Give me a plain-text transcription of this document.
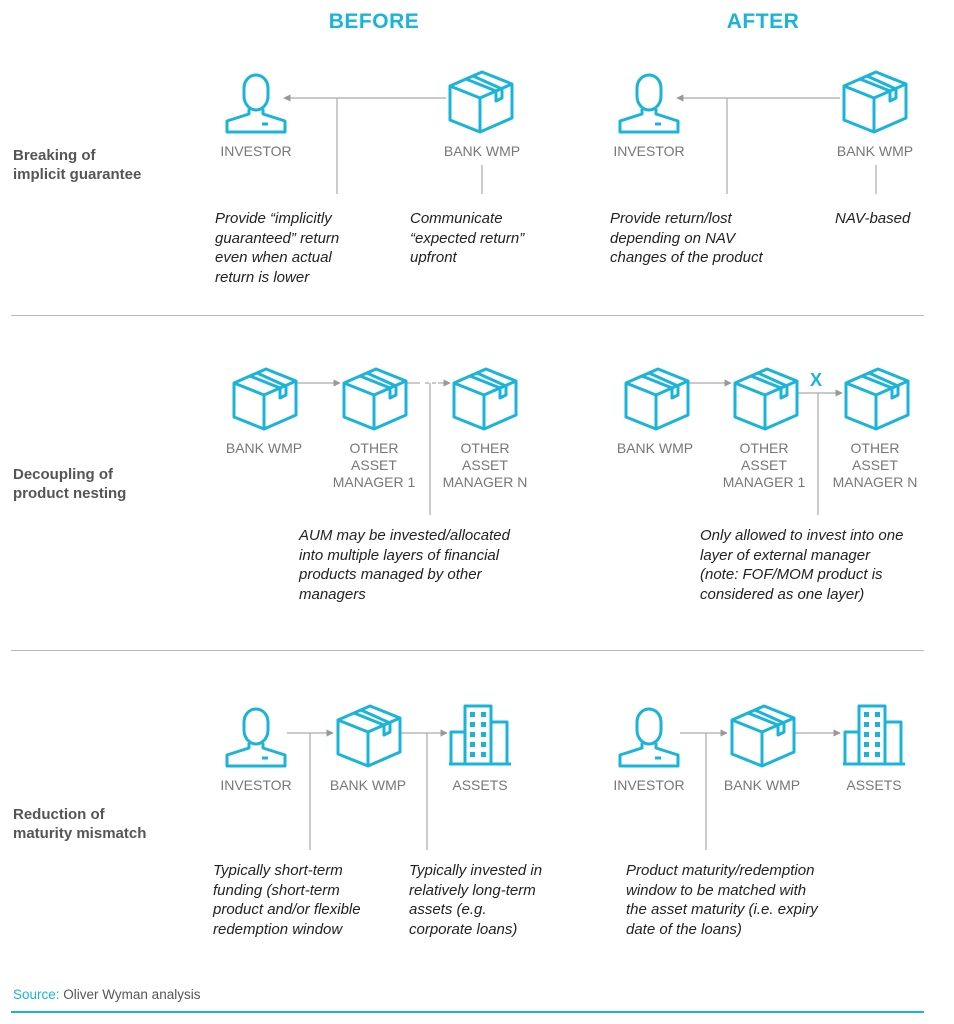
BEFORE	AFTER
Breaking of
implicit guarantee
INVESTOR	BANK WMP
Provide “implicitly
guaranteed” return
even when actual
return is lower
Communicate
“expected return”
upfront
INVESTOR	BANK WMP
Provide return/lost
depending on NAV
changes of the product
NAV-based
Decoupling of
product nesting
BANK WMP	OTHER
ASSET
MANAGER 1
OTHER
ASSET
MANAGER N
AUM may be invested/allocated
into multiple layers of financial
products managed by other
managers
X
BANK WMP	OTHER
ASSET
MANAGER 1
OTHER
ASSET
MANAGER N
Only allowed to invest into one
layer of external manager
(note: FOF/MOM product is
considered as one layer)
Reduction of
maturity mismatch
INVESTOR	BANK WMP	ASSETS
Typically short-term
funding (short-term
product and/or flexible
redemption window
Typically invested in
relatively long-term
assets (e.g.
corporate loans)
INVESTOR	BANK WMP	ASSETS
Product maturity/redemption
window to be matched with
the asset maturity (i.e. expiry
date of the loans)
Source: Oliver Wyman analysis
